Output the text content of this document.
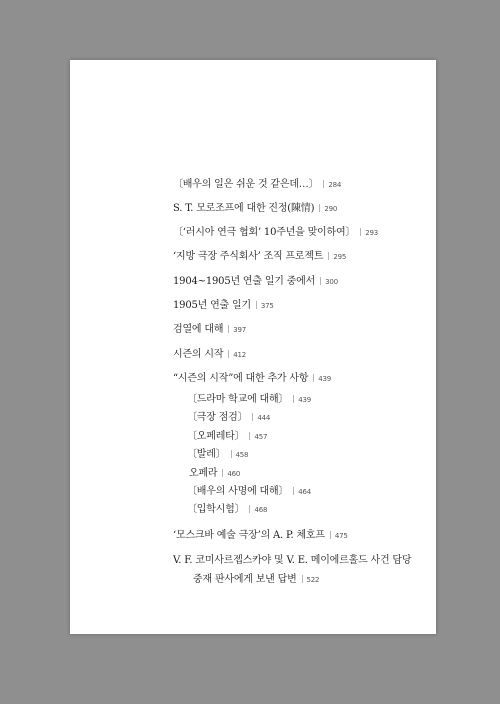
〔배우의 일은 쉬운 것 같은데…〕 284
S. T. 모로조프에 대한 진정(陳情) 290
〔‘러시아 연극 협회’ 10주년을 맞이하여〕 293
‘지방 극장 주식회사’ 조직 프로젝트 295
1904~1905년 연출 일기 중에서 300
1905년 연출 일기 375
검열에 대해 397
시즌의 시작 412
“시즌의 시작”에 대한 추가 사항 439
〔드라마 학교에 대해〕 439
〔극장 점검〕 444
〔오페레타〕 457
〔발레〕 458
오페라 460
〔배우의 사명에 대해〕 464
〔입학시험〕 468
‘모스크바 예술 극장’의 A. P. 체호프 475
V. F. 코미사르젭스카야 및 V. E. 메이에르홀드 사건 담당
중재 판사에게 보낸 답변 522
